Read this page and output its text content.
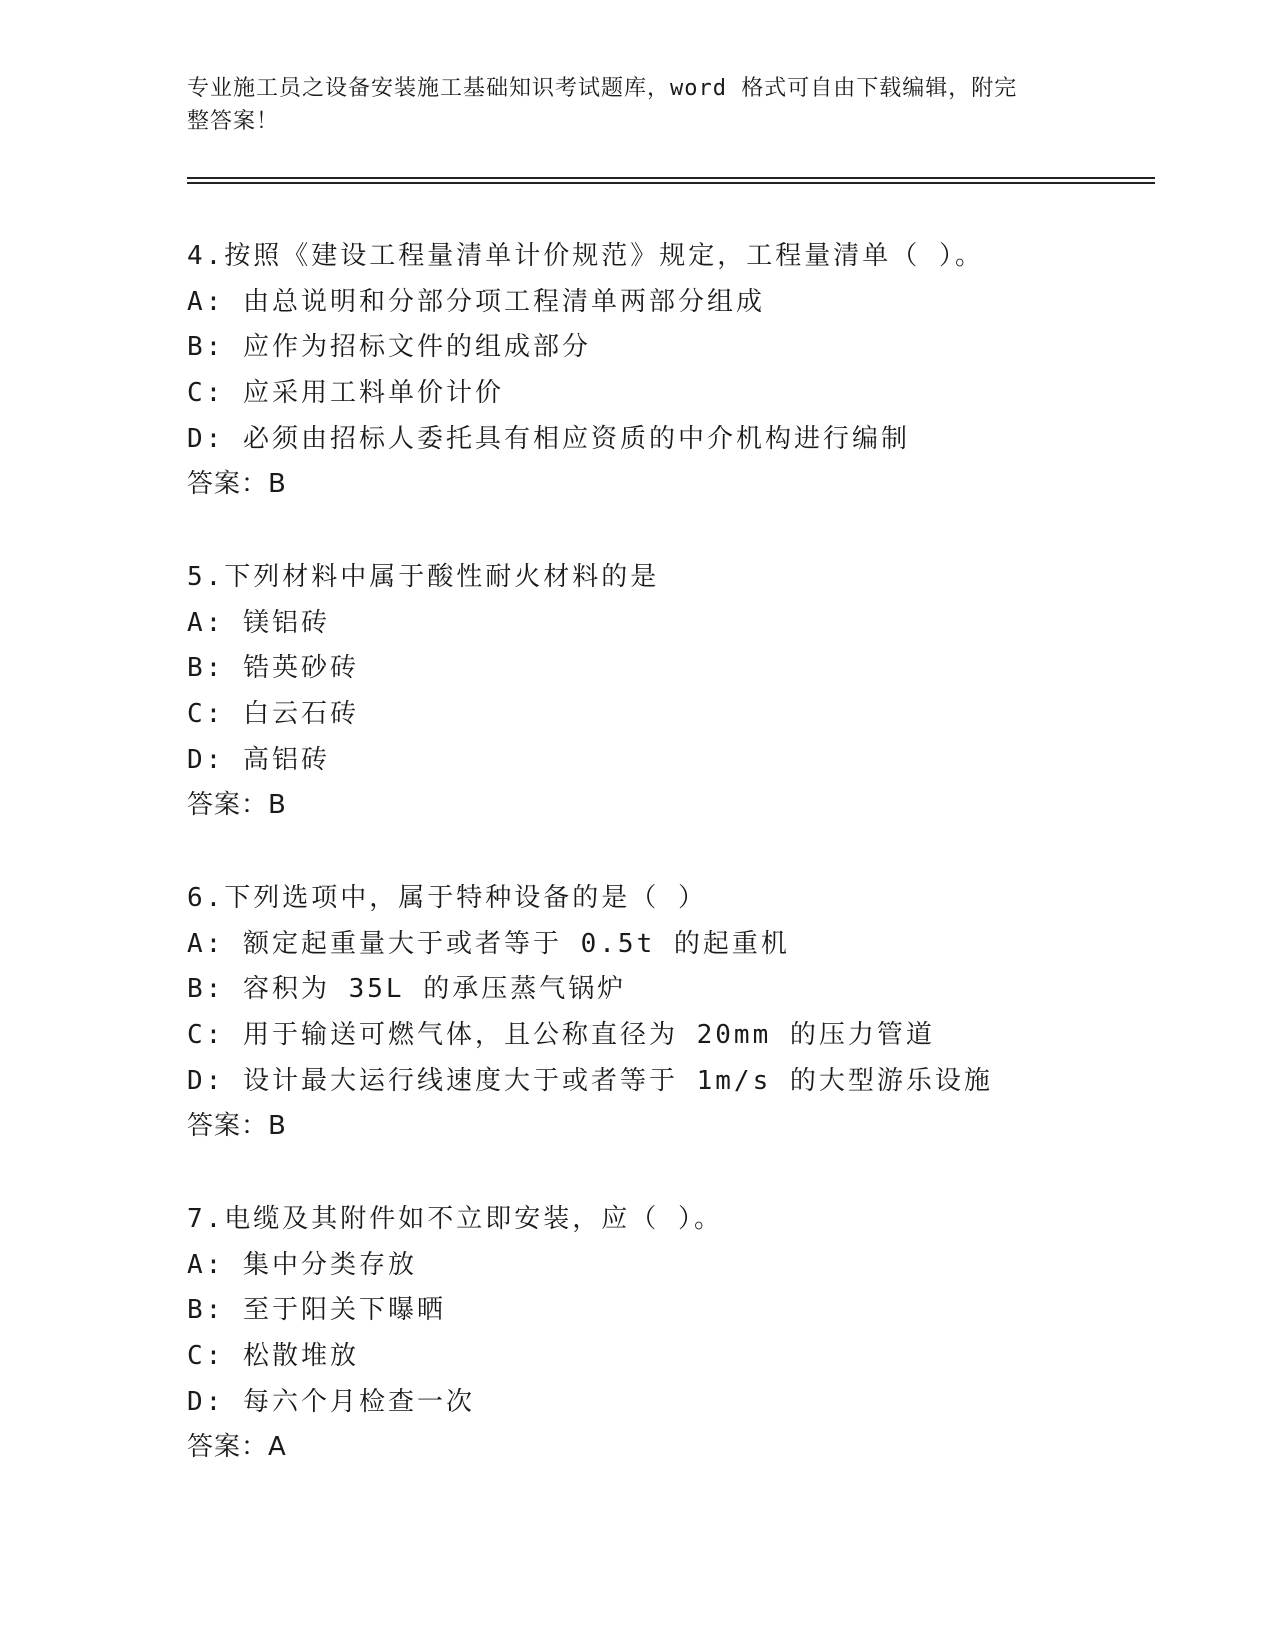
专业施工员之设备安装施工基础知识考试题库，word 格式可自由下载编辑，附完
整答案！
4.按照《建设工程量清单计价规范》规定，工程量清单（ ）。
A: 由总说明和分部分项工程清单两部分组成
B: 应作为招标文件的组成部分
C: 应采用工料单价计价
D: 必须由招标人委托具有相应资质的中介机构进行编制
答案：B
5.下列材料中属于酸性耐火材料的是
A: 镁铝砖
B: 锆英砂砖
C: 白云石砖
D: 高铝砖
答案：B
6.下列选项中，属于特种设备的是（ ）
A: 额定起重量大于或者等于 0.5t 的起重机
B: 容积为 35L 的承压蒸气锅炉
C: 用于输送可燃气体，且公称直径为 20mm 的压力管道
D: 设计最大运行线速度大于或者等于 1m/s 的大型游乐设施
答案：B
7.电缆及其附件如不立即安装，应（ ）。
A: 集中分类存放
B: 至于阳关下曝晒
C: 松散堆放
D: 每六个月检查一次
答案：A
